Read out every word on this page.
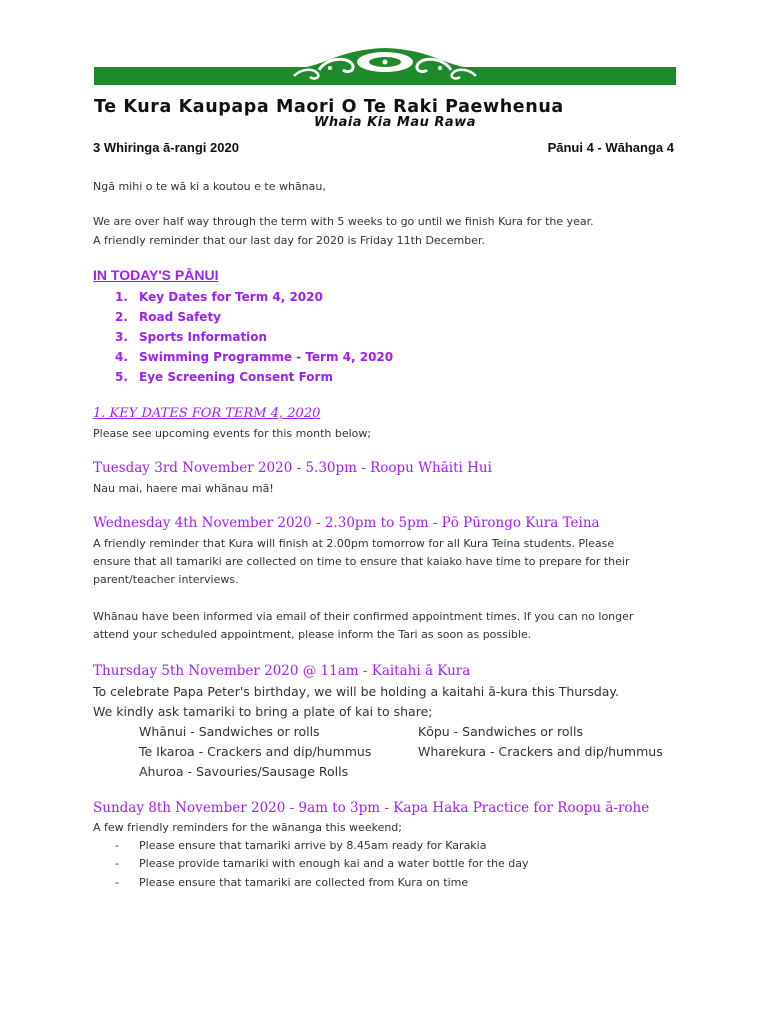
Te Kura Kaupapa Maori O Te Raki Paewhenua
Whaia Kia Mau Rawa
3 Whiringa ā-rangi 2020	Pānui 4 - Wāhanga 4
Ngā mihi o te wā ki a koutou e te whānau,
We are over half way through the term with 5 weeks to go until we finish Kura for the year.
A friendly reminder that our last day for 2020 is Friday 11th December.
IN TODAY'S PĀNUI
1. Key Dates for Term 4, 2020
2. Road Safety
3. Sports Information
4. Swimming Programme - Term 4, 2020
5. Eye Screening Consent Form
1. KEY DATES FOR TERM 4, 2020
Please see upcoming events for this month below;
Tuesday 3rd November 2020 - 5.30pm - Roopu Whāiti Hui
Nau mai, haere mai whānau mā!
Wednesday 4th November 2020 - 2.30pm to 5pm - Pō Pūrongo Kura Teina
A friendly reminder that Kura will finish at 2.00pm tomorrow for all Kura Teina students. Please
ensure that all tamariki are collected on time to ensure that kaiako have time to prepare for their
parent/teacher interviews.
Whānau have been informed via email of their confirmed appointment times. If you can no longer
attend your scheduled appointment, please inform the Tari as soon as possible.
Thursday 5th November 2020 @ 11am - Kaitahi ā Kura
To celebrate Papa Peter's birthday, we will be holding a kaitahi ā-kura this Thursday.
We kindly ask tamariki to bring a plate of kai to share;
Whānui - Sandwiches or rolls	Kōpu - Sandwiches or rolls
Te Ikaroa - Crackers and dip/hummus	Wharekura - Crackers and dip/hummus
Ahuroa - Savouries/Sausage Rolls
Sunday 8th November 2020 - 9am to 3pm - Kapa Haka Practice for Roopu ā-rohe
A few friendly reminders for the wānanga this weekend;
- Please ensure that tamariki arrive by 8.45am ready for Karakia
- Please provide tamariki with enough kai and a water bottle for the day
- Please ensure that tamariki are collected from Kura on time
